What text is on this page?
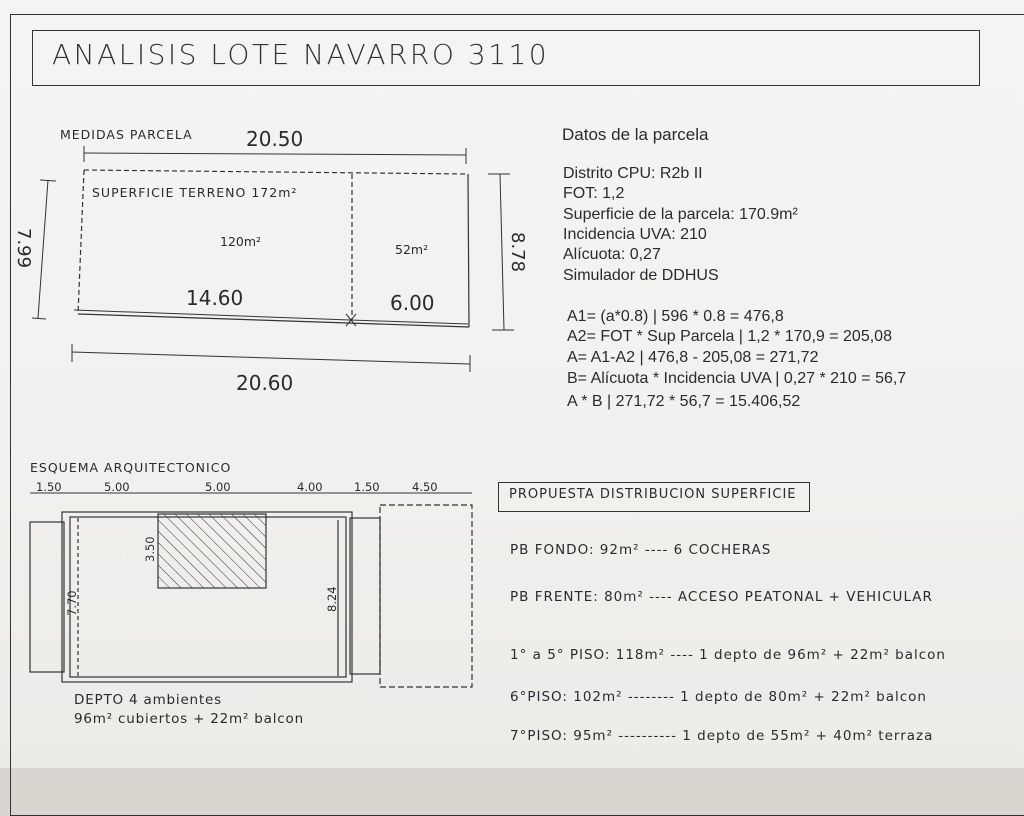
ANALISIS LOTE NAVARRO 3110
20.50
7.99	8.78
14.60	6.00
20.60
MEDIDAS PARCELA
SUPERFICIE TERRENO 172m²
120m²
52m²
ESQUEMA ARQUITECTONICO
1.50	5.00	5.00	4.00	1.50	4.50
7.70	8.24
3.50
DEPTO 4 ambientes
96m² cubiertos + 22m² balcon
Datos de la parcela
Distrito CPU: R2b II
FOT: 1,2
Superficie de la parcela: 170.9m²
Incidencia UVA: 210
Alícuota: 0,27
Simulador de DDHUS
A1= (a*0.8) | 596 * 0.8 = 476,8
A2= FOT * Sup Parcela | 1,2 * 170,9 = 205,08
A= A1-A2 | 476,8 - 205,08 = 271,72
B= Alícuota * Incidencia UVA | 0,27 * 210 = 56,7
A * B | 271,72 * 56,7 = 15.406,52
PROPUESTA DISTRIBUCION SUPERFICIE
PB FONDO: 92m² ---- 6 COCHERAS
PB FRENTE: 80m² ---- ACCESO PEATONAL + VEHICULAR
1° a 5° PISO: 118m² ---- 1 depto de 96m² + 22m² balcon
6°PISO: 102m² -------- 1 depto de 80m² + 22m² balcon
7°PISO: 95m² ---------- 1 depto de 55m² + 40m² terraza
